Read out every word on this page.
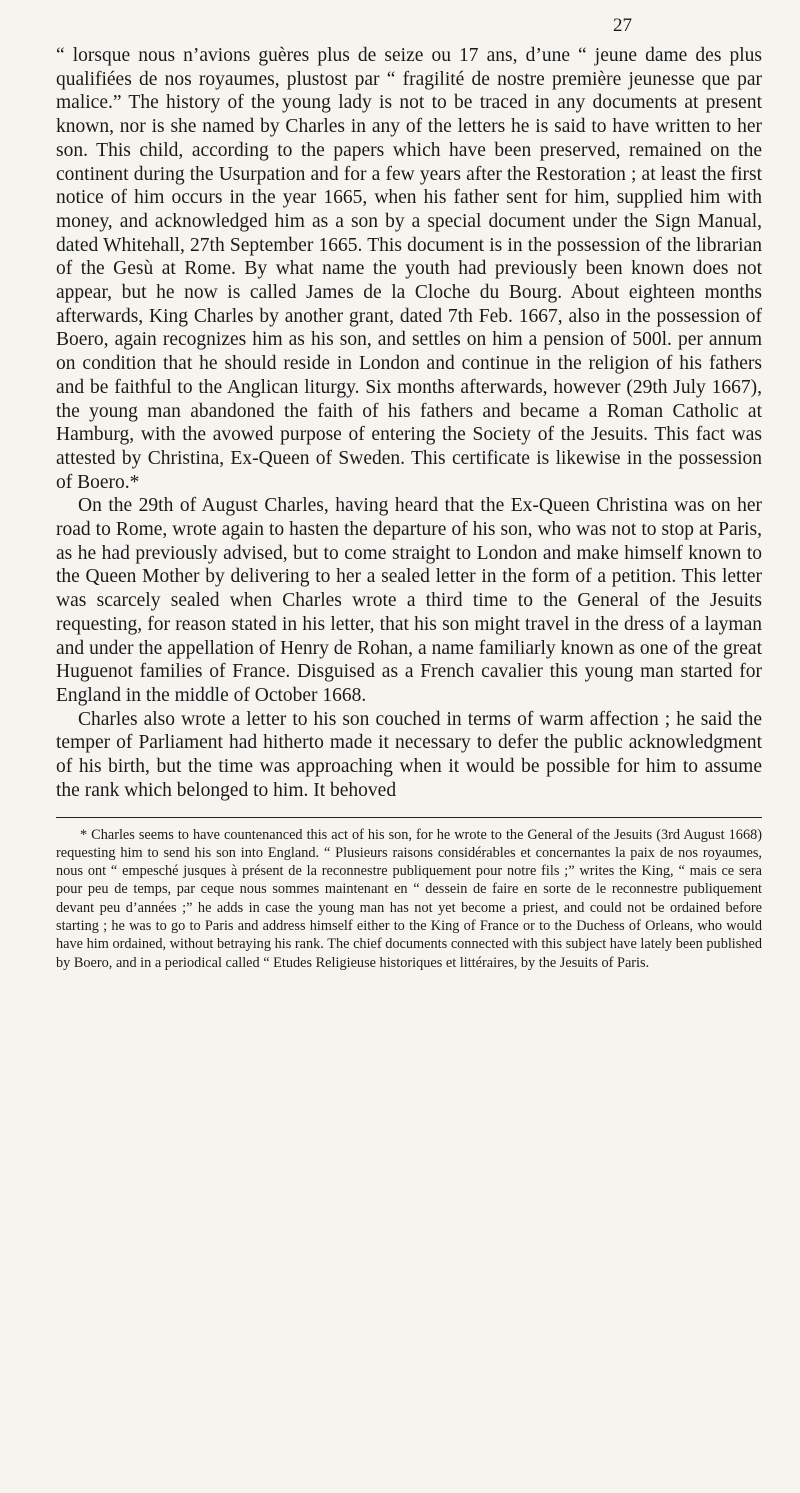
27

“ lorsque nous n’avions guères plus de seize ou 17 ans, d’une “ jeune dame des plus qualifiées de nos royaumes, plustost par “ fragilité de nostre première jeunesse que par malice.” The history of the young lady is not to be traced in any documents at present known, nor is she named by Charles in any of the letters he is said to have written to her son. This child, according to the papers which have been preserved, remained on the continent during the Usurpation and for a few years after the Restoration ; at least the first notice of him occurs in the year 1665, when his father sent for him, supplied him with money, and acknowledged him as a son by a special document under the Sign Manual, dated Whitehall, 27th September 1665. This document is in the possession of the librarian of the Gesù at Rome. By what name the youth had previously been known does not appear, but he now is called James de la Cloche du Bourg. About eighteen months afterwards, King Charles by another grant, dated 7th Feb. 1667, also in the possession of Boero, again recognizes him as his son, and settles on him a pension of 500l. per annum on condition that he should reside in London and continue in the religion of his fathers and be faithful to the Anglican liturgy. Six months afterwards, however (29th July 1667), the young man abandoned the faith of his fathers and became a Roman Catholic at Hamburg, with the avowed purpose of entering the Society of the Jesuits. This fact was attested by Christina, Ex-Queen of Sweden. This certificate is likewise in the possession of Boero.*

On the 29th of August Charles, having heard that the Ex-Queen Christina was on her road to Rome, wrote again to hasten the departure of his son, who was not to stop at Paris, as he had previously advised, but to come straight to London and make himself known to the Queen Mother by delivering to her a sealed letter in the form of a petition. This letter was scarcely sealed when Charles wrote a third time to the General of the Jesuits requesting, for reason stated in his letter, that his son might travel in the dress of a layman and under the appellation of Henry de Rohan, a name familiarly known as one of the great Huguenot families of France. Disguised as a French cavalier this young man started for England in the middle of October 1668.

Charles also wrote a letter to his son couched in terms of warm affection ; he said the temper of Parliament had hitherto made it necessary to defer the public acknowledgment of his birth, but the time was approaching when it would be possible for him to assume the rank which belonged to him. It behoved

* Charles seems to have countenanced this act of his son, for he wrote to the General of the Jesuits (3rd August 1668) requesting him to send his son into England. “ Plusieurs raisons considérables et concernantes la paix de nos royaumes, nous ont “ empesché jusques à présent de la reconnestre publiquement pour notre fils ;” writes the King, “ mais ce sera pour peu de temps, par ceque nous sommes maintenant en “ dessein de faire en sorte de le reconnestre publiquement devant peu d’années ;” he adds in case the young man has not yet become a priest, and could not be ordained before starting ; he was to go to Paris and address himself either to the King of France or to the Duchess of Orleans, who would have him ordained, without betraying his rank. The chief documents connected with this subject have lately been published by Boero, and in a periodical called “ Etudes Religieuse historiques et littéraires, by the Jesuits of Paris.
